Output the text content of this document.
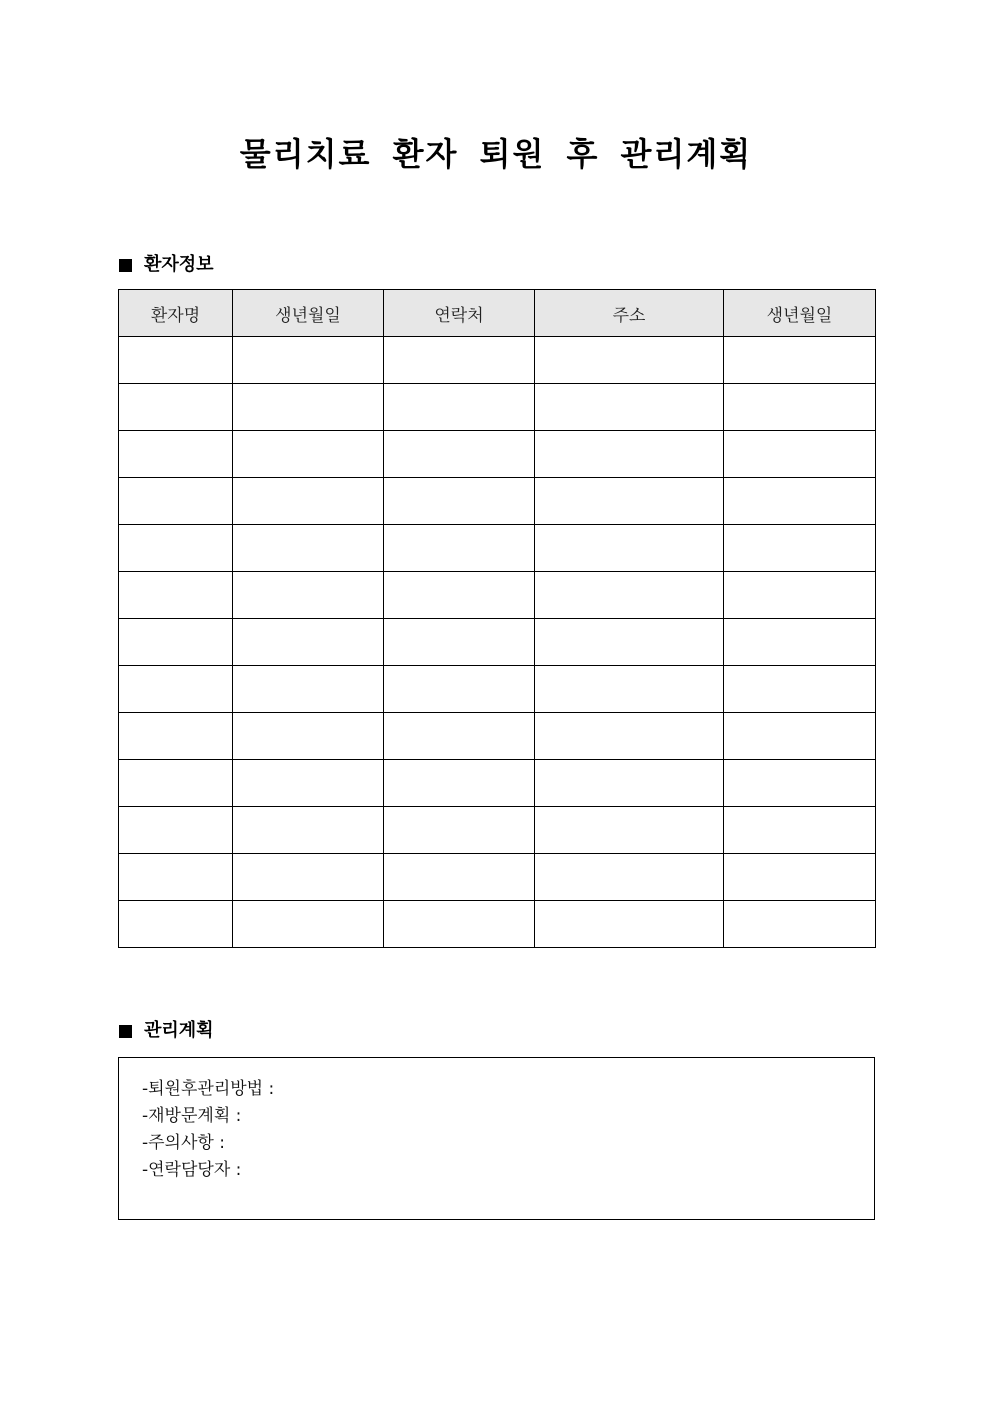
물리치료 환자 퇴원 후 관리계획
환자정보
환자명	생년월일	연락처	주소	생년월일

관리계획
-퇴원후관리방법 :
-재방문계획 :
-주의사항 :
-연락담당자 :
